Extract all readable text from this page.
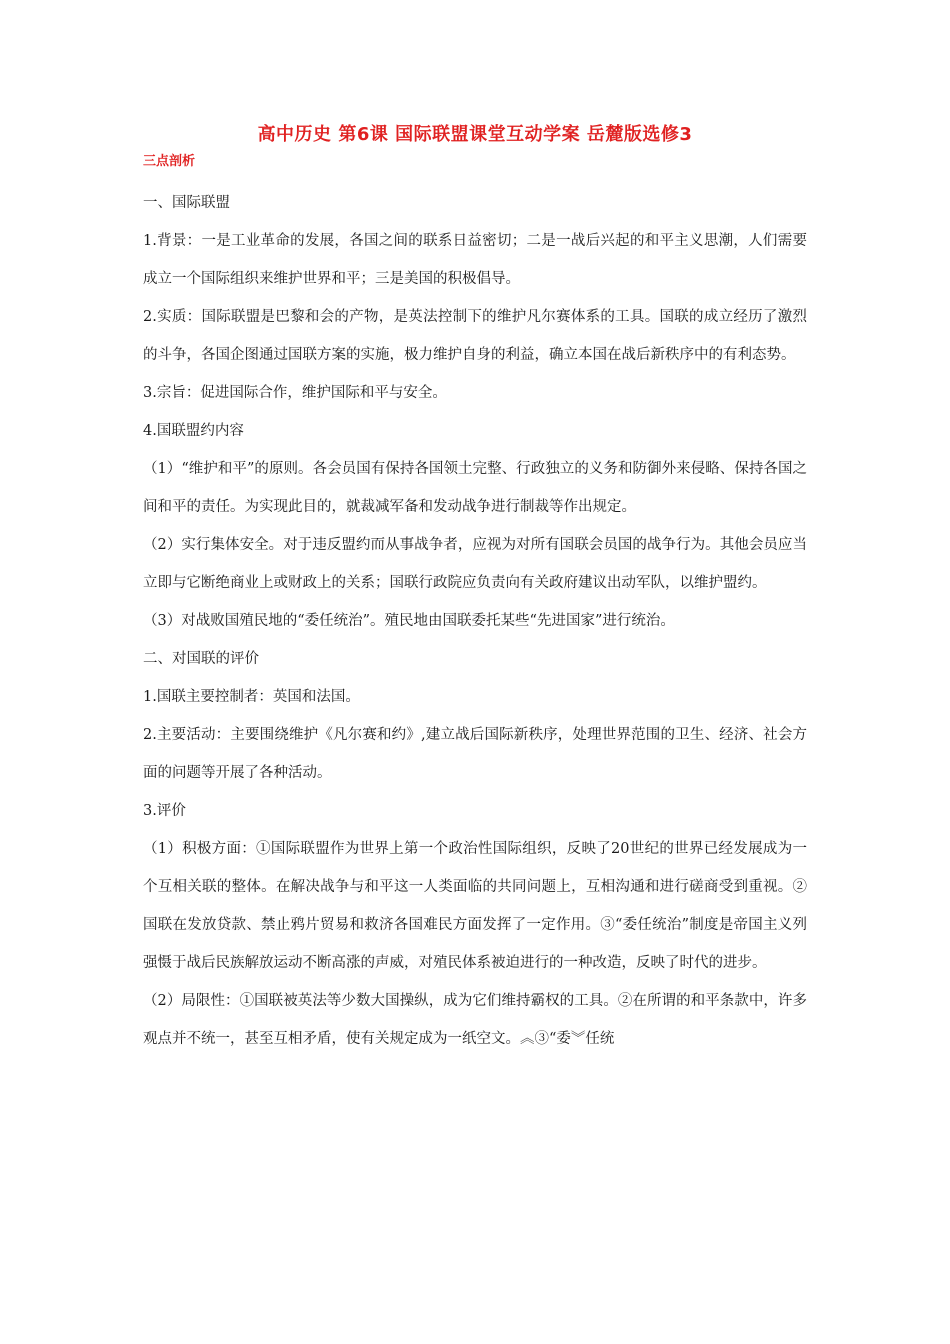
高中历史 第6课 国际联盟课堂互动学案 岳麓版选修3
三点剖析

一、国际联盟

1.背景：一是工业革命的发展，各国之间的联系日益密切；二是一战后兴起的和平主义思潮，人们需要成立一个国际组织来维护世界和平；三是美国的积极倡导。

2.实质：国际联盟是巴黎和会的产物，是英法控制下的维护凡尔赛体系的工具。国联的成立经历了激烈的斗争，各国企图通过国联方案的实施，极力维护自身的利益，确立本国在战后新秩序中的有利态势。

3.宗旨：促进国际合作，维护国际和平与安全。

4.国联盟约内容

（1）“维护和平”的原则。各会员国有保持各国领土完整、行政独立的义务和防御外来侵略、保持各国之间和平的责任。为实现此目的，就裁减军备和发动战争进行制裁等作出规定。

（2）实行集体安全。对于违反盟约而从事战争者，应视为对所有国联会员国的战争行为。其他会员应当立即与它断绝商业上或财政上的关系；国联行政院应负责向有关政府建议出动军队，以维护盟约。

（3）对战败国殖民地的“委任统治”。殖民地由国联委托某些“先进国家”进行统治。

二、对国联的评价

1.国联主要控制者：英国和法国。

2.主要活动：主要围绕维护《凡尔赛和约》,建立战后国际新秩序，处理世界范围的卫生、经济、社会方面的问题等开展了各种活动。

3.评价

（1）积极方面：①国际联盟作为世界上第一个政治性国际组织，反映了20世纪的世界已经发展成为一个互相关联的整体。在解决战争与和平这一人类面临的共同问题上，互相沟通和进行磋商受到重视。②国联在发放贷款、禁止鸦片贸易和救济各国难民方面发挥了一定作用。③“委任统治”制度是帝国主义列强慑于战后民族解放运动不断高涨的声威，对殖民体系被迫进行的一种改造，反映了时代的进步。

（2）局限性：①国联被英法等少数大国操纵，成为它们维持霸权的工具。②在所谓的和平条款中，许多观点并不统一，甚至互相矛盾，使有关规定成为一纸空文。︽③“委︾任统
